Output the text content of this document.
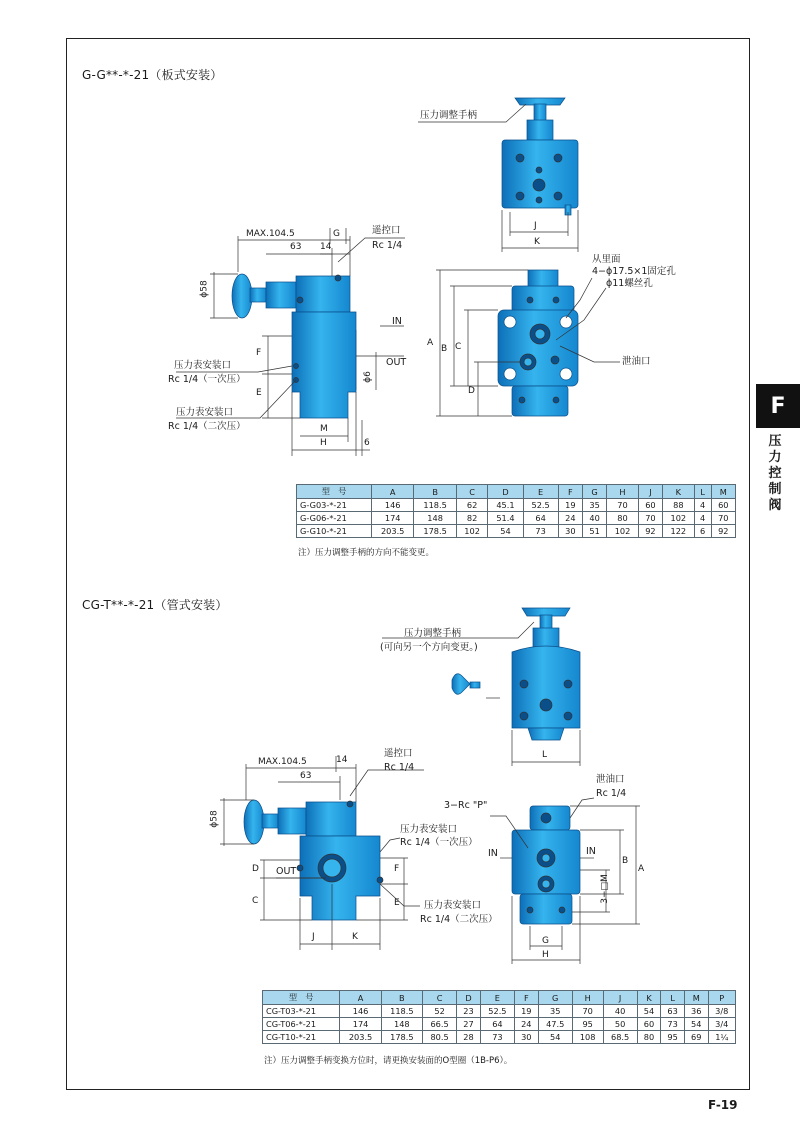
G-G**-*-21（板式安装）
压力调整手柄
MAX.104.5
63 14
G	遥控口
Rc 1/4
ϕ58
F
E
压力表安装口
Rc 1/4（一次压）
压力表安装口
Rc 1/4（二次压）
IN
OUT
ϕ6
M
H	6
J
K
从里面
4−ϕ17.5×1固定孔
ϕ11螺丝孔
泄油口
A
B C
D
型　号	A	B	C	D	E	F	G	H	J	K	L	M
G-G03-*-21	146	118.5	62	45.1	52.5	19	35	70	60	88	4	60
G-G06-*-21	174	148	82	51.4	64	24	40	80	70	102	4	70
G-G10-*-21	203.5	178.5	102	54	73	30	51	102	92	122	6	92
注）压力调整手柄的方向不能变更。
CG-T**-*-21（管式安装）
压力调整手柄
(可向另一个方向变更。)
L
MAX.104.5
63
14
遥控口
Rc 1/4
ϕ58
D OUT
C
F
E
J	K
压力表安装口
Rc 1/4（一次压）
压力表安装口
Rc 1/4（二次压）
3−Rc "P"
泄油口
Rc 1/4
IN	IN
A
B
3−□M
G
H
型　号	A	B	C	D	E	F	G	H	J	K	L	M	P
CG-T03-*-21	146	118.5	52	23	52.5	19	35	70	40	54	63	36	3/8
CG-T06-*-21	174	148	66.5	27	64	24	47.5	95	50	60	73	54	3/4
CG-T10-*-21	203.5	178.5	80.5	28	73	30	54	108	68.5	80	95	69	1¼
注）压力调整手柄变换方位时，请更换安装面的O型圈（1B-P6）。
F
压力控制阀
F-19
